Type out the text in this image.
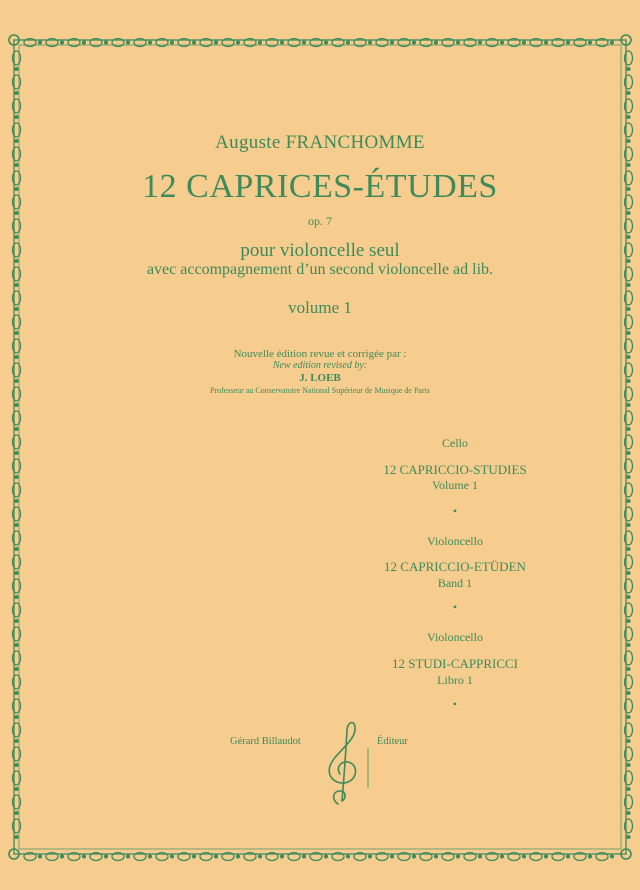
Auguste FRANCHOMME
12 CAPRICES-ÉTUDES
op. 7
pour violoncelle seul
avec accompagnement d’un second violoncelle ad lib.
volume 1
Nouvelle édition revue et corrigée par :
New edition revised by:
J. LOEB
Professeur au Conservatoire National Supérieur de Musique de Paris
Cello
12 CAPRICCIO-STUDIES
Volume 1
•
Violoncello
12 CAPRICCIO-ETÜDEN
Band 1
•
Violoncello
12 STUDI-CAPPRICCI
Libro 1
•
Gérard Billaudot	Éditeur
